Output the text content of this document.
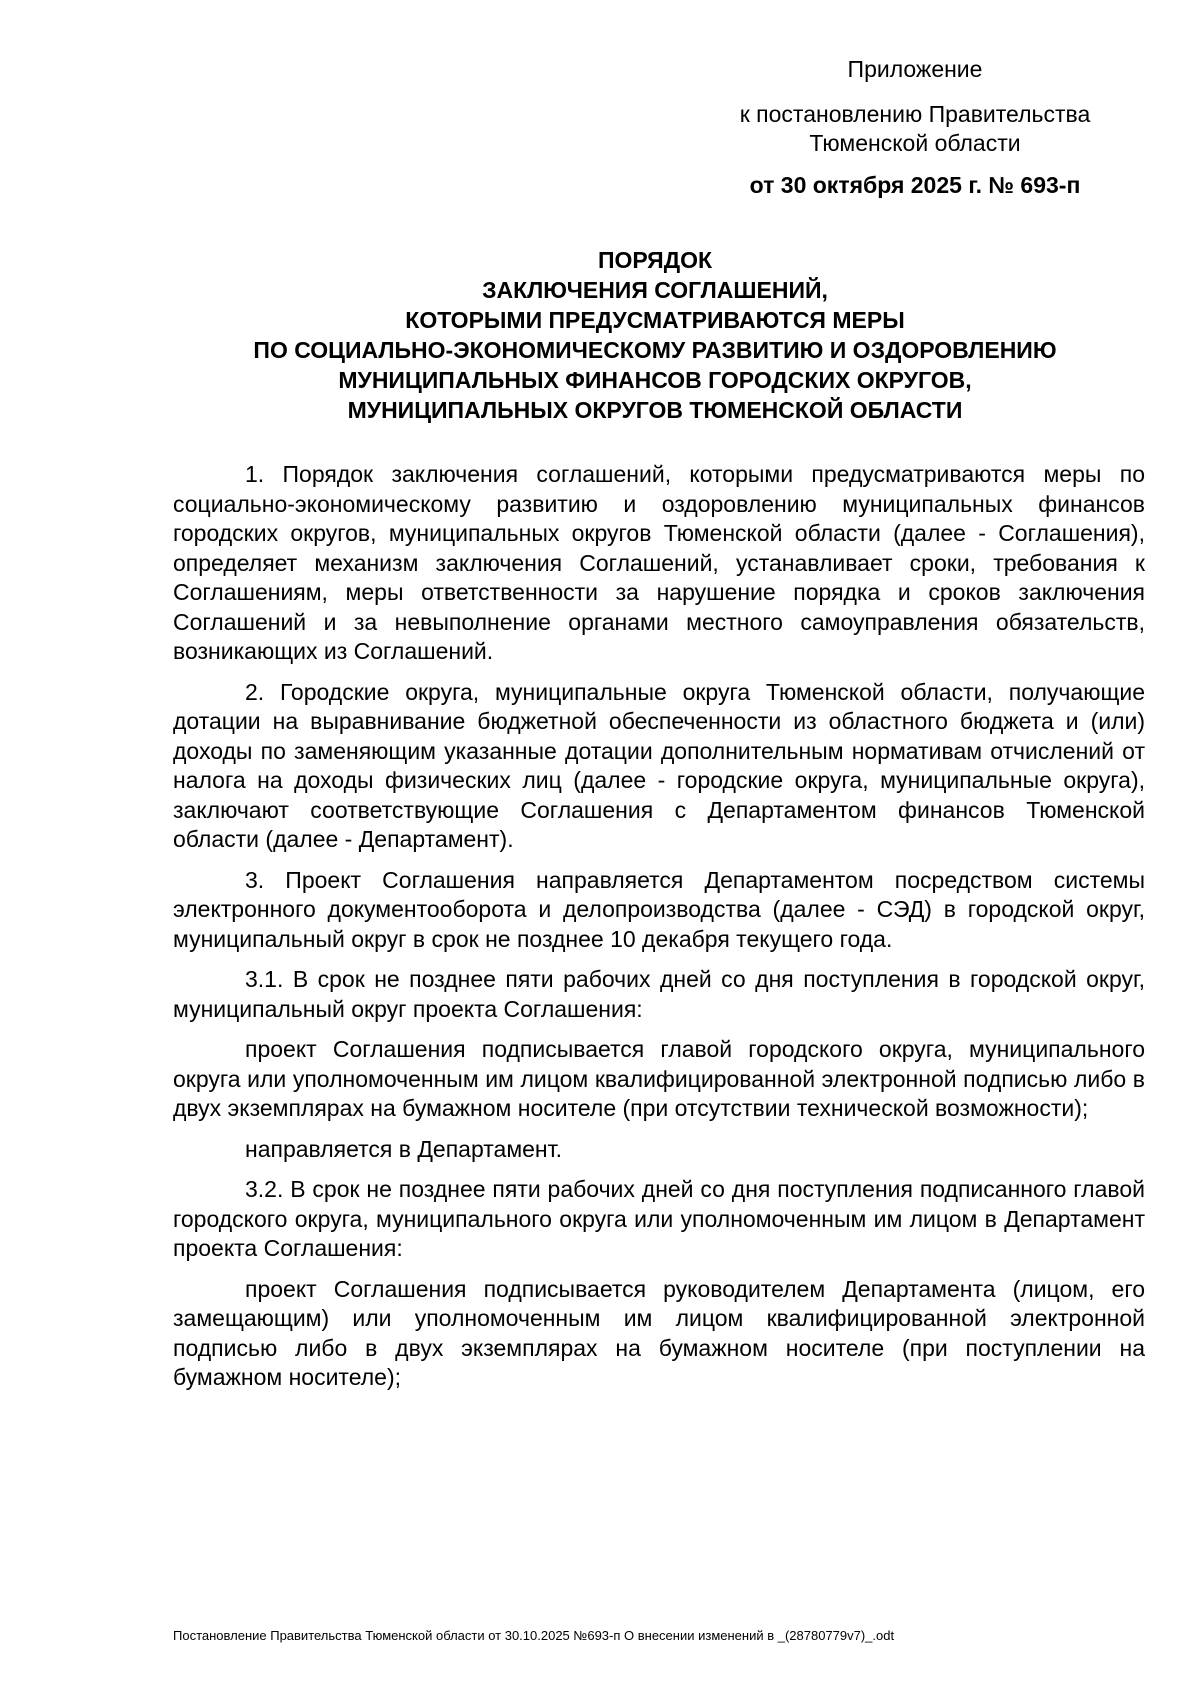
Приложение
к постановлению Правительства
Тюменской области
от 30 октября 2025 г. № 693-п
ПОРЯДОК
ЗАКЛЮЧЕНИЯ СОГЛАШЕНИЙ,
КОТОРЫМИ ПРЕДУСМАТРИВАЮТСЯ МЕРЫ
ПО СОЦИАЛЬНО-ЭКОНОМИЧЕСКОМУ РАЗВИТИЮ И ОЗДОРОВЛЕНИЮ
МУНИЦИПАЛЬНЫХ ФИНАНСОВ ГОРОДСКИХ ОКРУГОВ,
МУНИЦИПАЛЬНЫХ ОКРУГОВ ТЮМЕНСКОЙ ОБЛАСТИ

1. Порядок заключения соглашений, которыми предусматриваются меры по социально-экономическому развитию и оздоровлению муниципальных финансов городских округов, муниципальных округов Тюменской области (далее - Соглашения), определяет механизм заключения Соглашений, устанавливает сроки, требования к Соглашениям, меры ответственности за нарушение порядка и сроков заключения Соглашений и за невыполнение органами местного самоуправления обязательств, возникающих из Соглашений.

2. Городские округа, муниципальные округа Тюменской области, получающие дотации на выравнивание бюджетной обеспеченности из областного бюджета и (или) доходы по заменяющим указанные дотации дополнительным нормативам отчислений от налога на доходы физических лиц (далее - городские округа, муниципальные округа), заключают соответствующие Соглашения с Департаментом финансов Тюменской области (далее - Департамент).

3. Проект Соглашения направляется Департаментом посредством системы электронного документооборота и делопроизводства (далее - СЭД) в городской округ, муниципальный округ в срок не позднее 10 декабря текущего года.

3.1. В срок не позднее пяти рабочих дней со дня поступления в городской округ, муниципальный округ проекта Соглашения:

проект Соглашения подписывается главой городского округа, муниципального округа или уполномоченным им лицом квалифицированной электронной подписью либо в двух экземплярах на бумажном носителе (при отсутствии технической возможности);

направляется в Департамент.

3.2. В срок не позднее пяти рабочих дней со дня поступления подписанного главой городского округа, муниципального округа или уполномоченным им лицом в Департамент проекта Соглашения:

проект Соглашения подписывается руководителем Департамента (лицом, его замещающим) или уполномоченным им лицом квалифицированной электронной подписью либо в двух экземплярах на бумажном носителе (при поступлении на бумажном носителе);

Постановление Правительства Тюменской области от 30.10.2025 №693-п О внесении изменений в _(28780779v7)_.odt
